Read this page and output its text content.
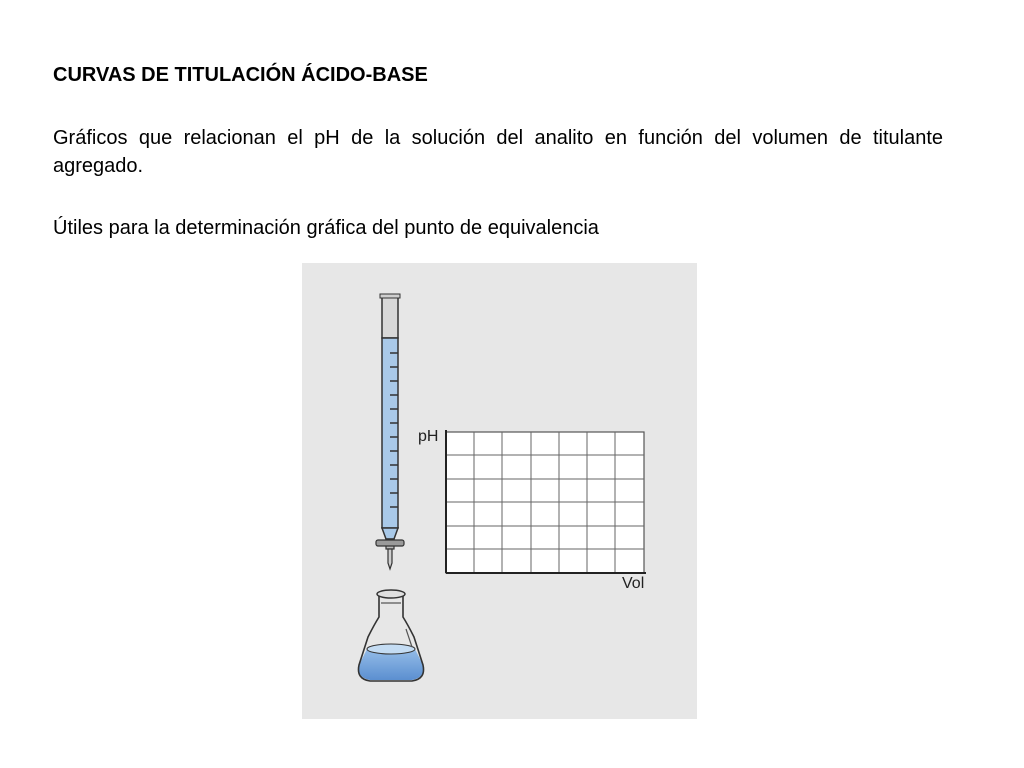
CURVAS DE TITULACIÓN ÁCIDO-BASE
Gráficos que relacionan el pH de la solución del analito en función del volumen de titulante agregado.
Útiles para la determinación gráfica del punto de equivalencia
pH
Vol
